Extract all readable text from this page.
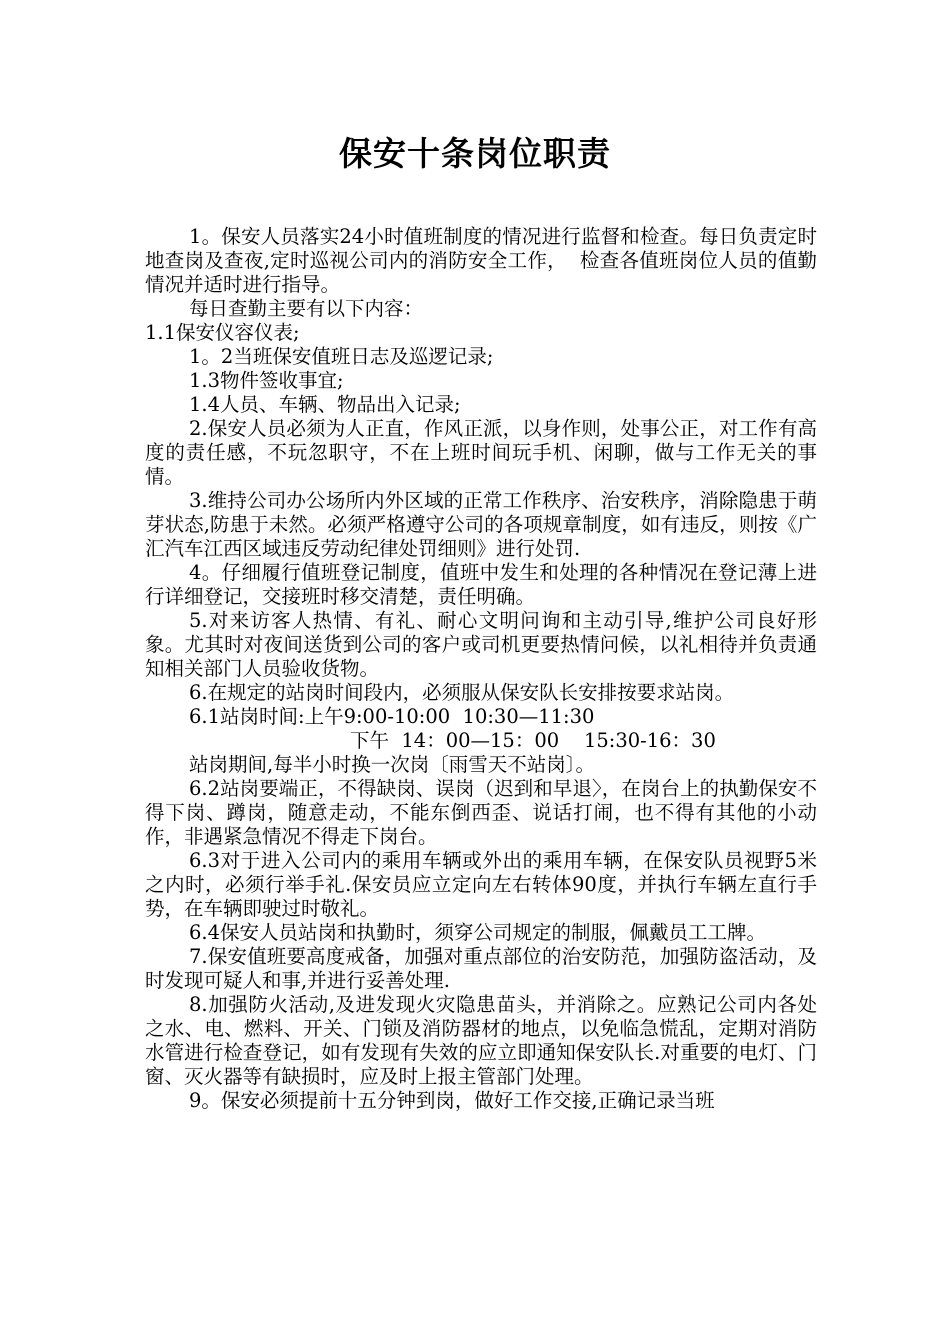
保安十条岗位职责

1。保安人员落实24小时值班制度的情况进行监督和检查。每日负责定时地查岗及查夜,定时巡视公司内的消防安全工作，  检查各值班岗位人员的值勤情况并适时进行指导。

每日查勤主要有以下内容：

1.1保安仪容仪表;

1。2当班保安值班日志及巡逻记录;

1.3物件签收事宜;

1.4人员、车辆、物品出入记录;

2.保安人员必须为人正直，作风正派，以身作则，处事公正，对工作有高度的责任感，不玩忽职守，不在上班时间玩手机、闲聊，做与工作无关的事情。

3.维持公司办公场所内外区域的正常工作秩序、治安秩序，消除隐患于萌芽状态,防患于未然。必须严格遵守公司的各项规章制度，如有违反，则按《广汇汽车江西区域违反劳动纪律处罚细则》进行处罚.

4。仔细履行值班登记制度，值班中发生和处理的各种情况在登记薄上进行详细登记，交接班时移交清楚，责任明确。

5.对来访客人热情、有礼、耐心文明问询和主动引导,维护公司良好形象。尤其时对夜间送货到公司的客户或司机更要热情问候，以礼相待并负责通知相关部门人员验收货物。

6.在规定的站岗时间段内，必须服从保安队长安排按要求站岗。

6.1站岗时间:上午9:00-10:00  10:30—11:30

下午  14：00—15：00    15:30-16：30

站岗期间,每半小时换一次岗〔雨雪天不站岗〕。

6.2站岗要端正，不得缺岗、误岗（迟到和早退〉，在岗台上的执勤保安不得下岗、蹲岗，随意走动，不能东倒西歪、说话打闹，也不得有其他的小动作，非遇紧急情况不得走下岗台。

6.3对于进入公司内的乘用车辆或外出的乘用车辆，在保安队员视野5米之内时，必须行举手礼.保安员应立定向左右转体90度，并执行车辆左直行手势，在车辆即驶过时敬礼。

6.4保安人员站岗和执勤时，须穿公司规定的制服，佩戴员工工牌。

7.保安值班要高度戒备，加强对重点部位的治安防范，加强防盗活动，及时发现可疑人和事,并进行妥善处理.

8.加强防火活动,及进发现火灾隐患苗头，并消除之。应熟记公司内各处之水、电、燃料、开关、门锁及消防器材的地点，以免临急慌乱，定期对消防水管进行检查登记，如有发现有失效的应立即通知保安队长.对重要的电灯、门窗、灭火器等有缺损时，应及时上报主管部门处理。

9。保安必须提前十五分钟到岗，做好工作交接,正确记录当班
